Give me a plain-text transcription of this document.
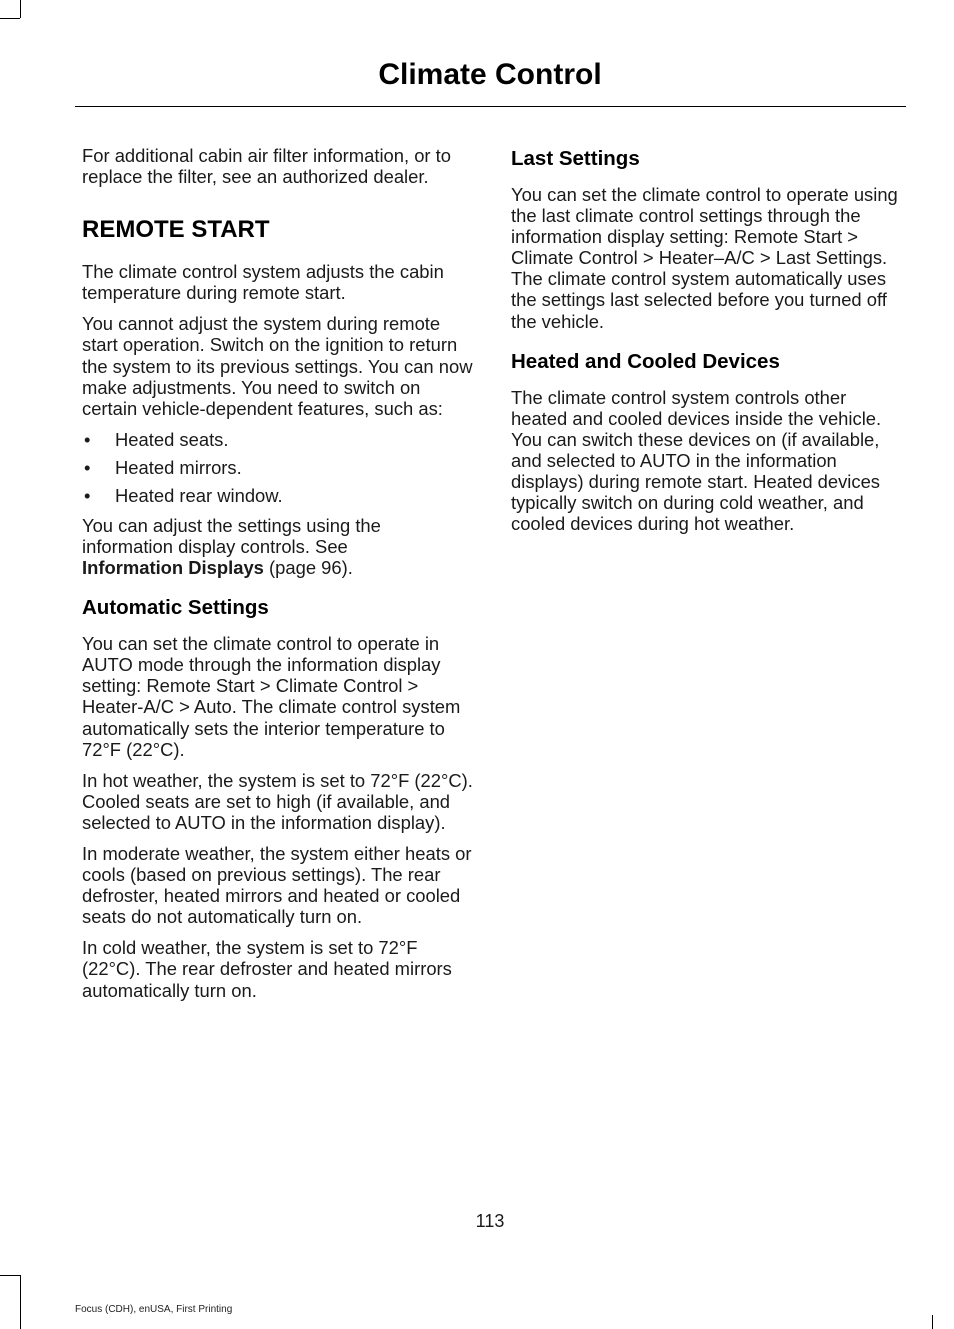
Climate Control

For additional cabin air filter information, or to replace the filter, see an authorized dealer.

REMOTE START

The climate control system adjusts the cabin temperature during remote start.

You cannot adjust the system during remote start operation. Switch on the ignition to return the system to its previous settings. You can now make adjustments. You need to switch on certain vehicle-dependent features, such as:

• Heated seats.
• Heated mirrors.
• Heated rear window.

You can adjust the settings using the information display controls. See
Information Displays (page 96).

Automatic Settings

You can set the climate control to operate in AUTO mode through the information display setting: Remote Start > Climate Control > Heater-A/C > Auto. The climate control system automatically sets the interior temperature to 72°F (22°C).

In hot weather, the system is set to 72°F (22°C). Cooled seats are set to high (if available, and selected to AUTO in the information display).

In moderate weather, the system either heats or cools (based on previous settings). The rear defroster, heated mirrors and heated or cooled seats do not automatically turn on.

In cold weather, the system is set to 72°F (22°C). The rear defroster and heated mirrors automatically turn on.

Last Settings

You can set the climate control to operate using the last climate control settings through the information display setting: Remote Start > Climate Control > Heater–A/C > Last Settings. The climate control system automatically uses the settings last selected before you turned off the vehicle.

Heated and Cooled Devices

The climate control system controls other heated and cooled devices inside the vehicle. You can switch these devices on (if available, and selected to AUTO in the information displays) during remote start. Heated devices typically switch on during cold weather, and cooled devices during hot weather.

113
Focus (CDH), enUSA, First Printing
